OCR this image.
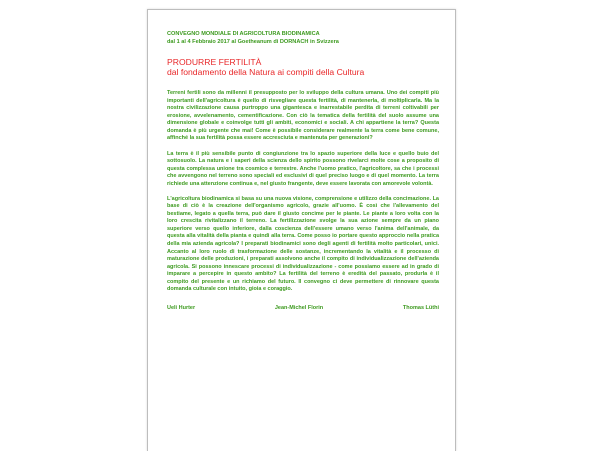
CONVEGNO MONDIALE DI AGRICOLTURA BIODINAMICA
dal 1 al 4 Febbraio 2017 al Goetheanum di DORNACH in Svizzera
PRODURRE FERTILITÀ
dal fondamento della Natura ai compiti della Cultura

Terreni fertili sono da millenni il presupposto per lo sviluppo della cultura umana. Uno dei compiti più importanti dell'agricoltura è quello di risvegliare questa fertilità, di mantenerla, di moltiplicarla. Ma la nostra civilizzazione causa purtroppo una gigantesca e inarrestabile perdita di terreni coltivabili per erosione, avvelenamento, cementificazione. Con ciò la tematica della fertilità del suolo assume una dimensione globale e coinvolge tutti gli ambiti, economici e sociali. A chi appartiene la terra? Questa domanda è più urgente che mai! Come è possibile considerare realmente la terra come bene comune, affinché la sua fertilità possa essere accresciuta e mantenuta per generazioni?

La terra è il più sensibile punto di congiunzione tra lo spazio superiore della luce e quello buio del sottosuolo. La natura e i saperi della scienza dello spirito possono rivelarci molte cose a proposito di questa complessa unione tra cosmico e terrestre. Anche l'uomo pratico, l'agricoltore, sa che i processi che avvengono nel terreno sono speciali ed esclusivi di quel preciso luogo e di quel momento. La terra richiede una attenzione continua e, nel giusto frangente, deve essere lavorata con amorevole volontà.

L'agricoltura biodinamica si basa su una nuova visione, comprensione e utilizzo della concimazione. La base di ciò è la creazione dell'organismo agricolo, grazie all'uomo. È così che l'allevamento del bestiame, legato a quella terra, può dare il giusto concime per le piante. Le piante a loro volta con la loro crescita rivitalizzano il terreno. La fertilizzazione svolge la sua azione sempre da un piano superiore verso quello inferiore, dalla coscienza dell'essere umano verso l'anima dell'animale, da questa alla vitalità della pianta e quindi alla terra. Come posso io portare questo approccio nella pratica della mia azienda agricola? I preparati biodinamici sono degli agenti di fertilità molto particolari, unici. Accanto al loro ruolo di trasformazione delle sostanze, incrementando la vitalità e il processo di maturazione delle produzioni, i preparati assolvono anche il compito di individualizzazione dell'azienda agricola. Si possono innescare processi di individualizzazione - come possiamo essere ad in grado di imparare a percepire in questo ambito? La fertilità del terreno è eredità del passato, produrla è il compito del presente e un richiamo del futuro. Il convegno ci deve permettere di rinnovare questa domanda culturale con intuito, gioia e coraggio.

Ueli Hurter	Jean-Michel Florin	Thomas Lüthi
